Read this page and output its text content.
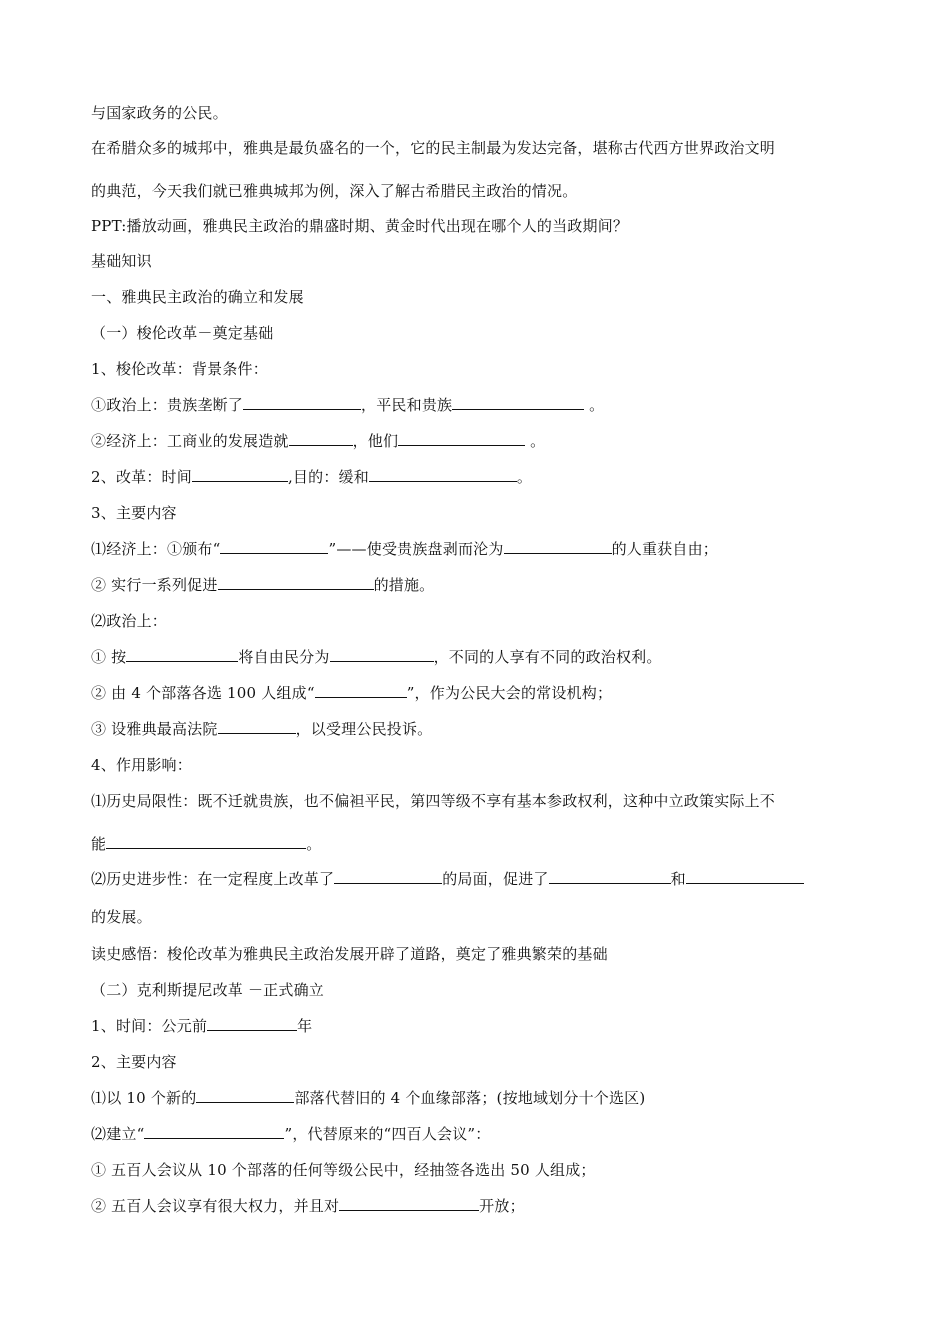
与国家政务的公民。
在希腊众多的城邦中，雅典是最负盛名的一个，它的民主制最为发达完备，堪称古代西方世界政治文明
的典范，今天我们就已雅典城邦为例，深入了解古希腊民主政治的情况。
PPT:播放动画，雅典民主政治的鼎盛时期、黄金时代出现在哪个人的当政期间？
基础知识
一、雅典民主政治的确立和发展
（一）梭伦改革－奠定基础
1、梭伦改革：背景条件：
①政治上：贵族垄断了	，平民和贵族	。
②经济上：工商业的发展造就	，他们	。
2、改革：时间	,目的：缓和	。
3、主要内容
⑴经济上：①颁布“	”——使受贵族盘剥而沦为	的人重获自由；
② 实行一系列促进	的措施。
⑵政治上：
① 按	将自由民分为	，不同的人享有不同的政治权利。
② 由 4 个部落各选 100 人组成“	”，作为公民大会的常设机构；
③ 设雅典最高法院	，以受理公民投诉。
4、作用影响：
⑴历史局限性：既不迁就贵族，也不偏袒平民，第四等级不享有基本参政权利，这种中立政策实际上不
能	。
⑵历史进步性：在一定程度上改革了	的局面，促进了	和
的发展。
读史感悟：梭伦改革为雅典民主政治发展开辟了道路，奠定了雅典繁荣的基础
（二）克利斯提尼改革 －正式确立
1、时间：公元前	年
2、主要内容
⑴以 10 个新的	部落代替旧的 4 个血缘部落；(按地域划分十个选区)
⑵建立“	”，代替原来的“四百人会议”：
① 五百人会议从 10 个部落的任何等级公民中，经抽签各选出 50 人组成；
② 五百人会议享有很大权力，并且对	开放；
